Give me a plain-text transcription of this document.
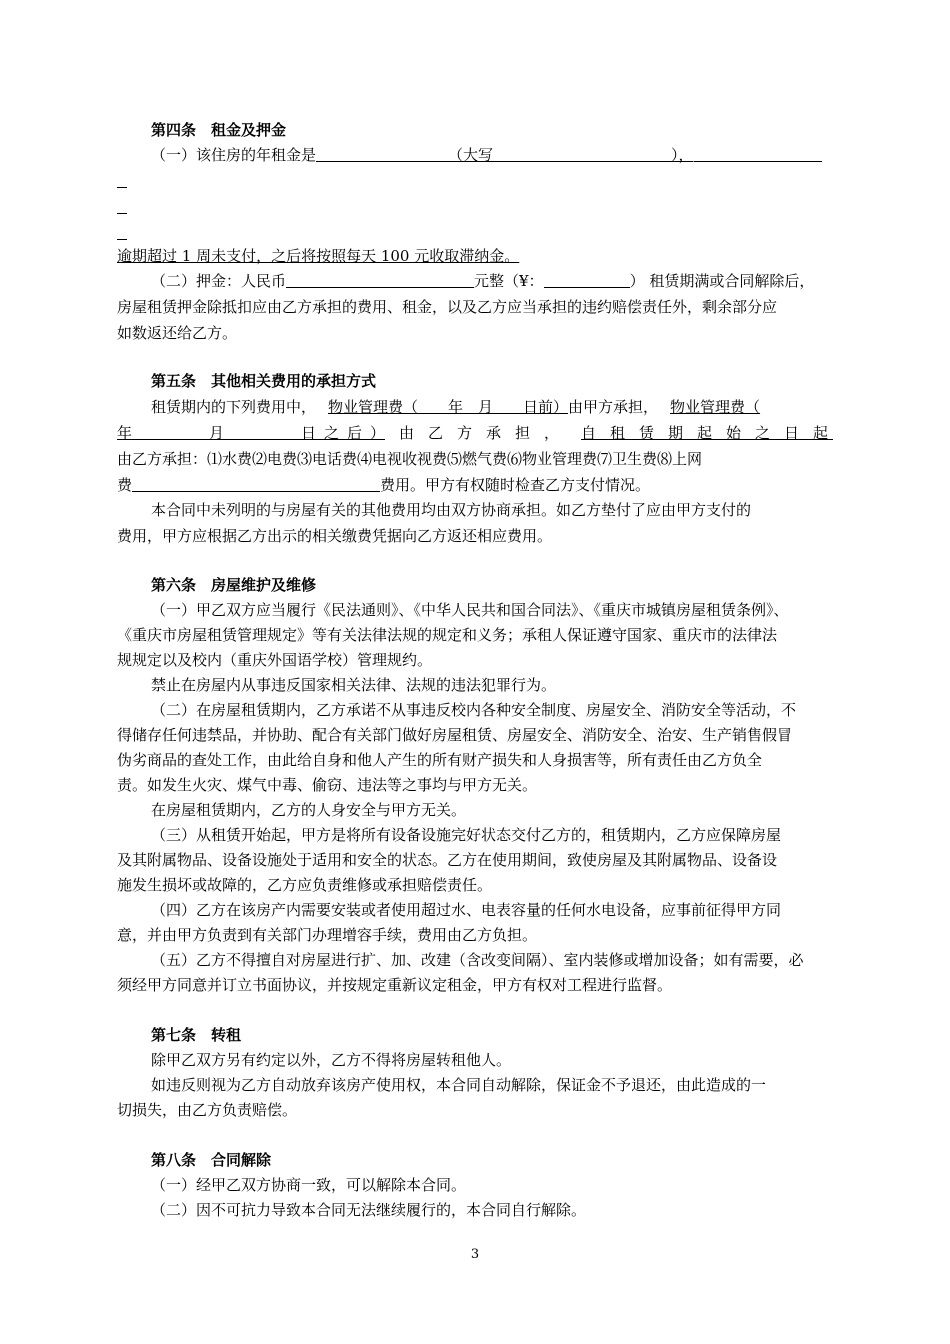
第四条　租金及押金
（一）该住房的年租金是	（大写	），
逾期超过 1 周未支付，之后将按照每天 100 元收取滞纳金。
（二）押金：人民币	元整（¥：	） 租赁期满或合同解除后，
房屋租赁押金除抵扣应由乙方承担的费用、租金，以及乙方应当承担的违约赔偿责任外，剩余部分应
如数返还给乙方。
第五条　其他相关费用的承担方式
租赁期内的下列费用中， 物业管理费（　　年　月　　日前）由甲方承担， 物业管理费（
年　　　月　　　日之后） 由乙方承担， 自租赁期起始之日起
由乙方承担：⑴水费⑵电费⑶电话费⑷电视收视费⑸燃气费⑹物业管理费⑺卫生费⑻上网
费	费用。甲方有权随时检查乙方支付情况。
本合同中未列明的与房屋有关的其他费用均由双方协商承担。如乙方垫付了应由甲方支付的
费用，甲方应根据乙方出示的相关缴费凭据向乙方返还相应费用。
第六条　房屋维护及维修
（一）甲乙双方应当履行《民法通则》、《中华人民共和国合同法》、《重庆市城镇房屋租赁条例》、
《重庆市房屋租赁管理规定》等有关法律法规的规定和义务；承租人保证遵守国家、重庆市的法律法
规规定以及校内（重庆外国语学校）管理规约。
禁止在房屋内从事违反国家相关法律、法规的违法犯罪行为。
（二）在房屋租赁期内，乙方承诺不从事违反校内各种安全制度、房屋安全、消防安全等活动，不
得储存任何违禁品，并协助、配合有关部门做好房屋租赁、房屋安全、消防安全、治安、生产销售假冒
伪劣商品的查处工作，由此给自身和他人产生的所有财产损失和人身损害等，所有责任由乙方负全
责。如发生火灾、煤气中毒、偷窃、违法等之事均与甲方无关。
在房屋租赁期内，乙方的人身安全与甲方无关。
（三）从租赁开始起，甲方是将所有设备设施完好状态交付乙方的，租赁期内，乙方应保障房屋
及其附属物品、设备设施处于适用和安全的状态。乙方在使用期间，致使房屋及其附属物品、设备设
施发生损坏或故障的，乙方应负责维修或承担赔偿责任。
（四）乙方在该房产内需要安装或者使用超过水、电表容量的任何水电设备，应事前征得甲方同
意，并由甲方负责到有关部门办理增容手续，费用由乙方负担。
（五）乙方不得擅自对房屋进行扩、加、改建（含改变间隔）、室内装修或增加设备；如有需要，必
须经甲方同意并订立书面协议，并按规定重新议定租金，甲方有权对工程进行监督。
第七条　转租
除甲乙双方另有约定以外，乙方不得将房屋转租他人。
如违反则视为乙方自动放弃该房产使用权，本合同自动解除，保证金不予退还，由此造成的一
切损失，由乙方负责赔偿。
第八条　合同解除
（一）经甲乙双方协商一致，可以解除本合同。
（二）因不可抗力导致本合同无法继续履行的，本合同自行解除。
3
